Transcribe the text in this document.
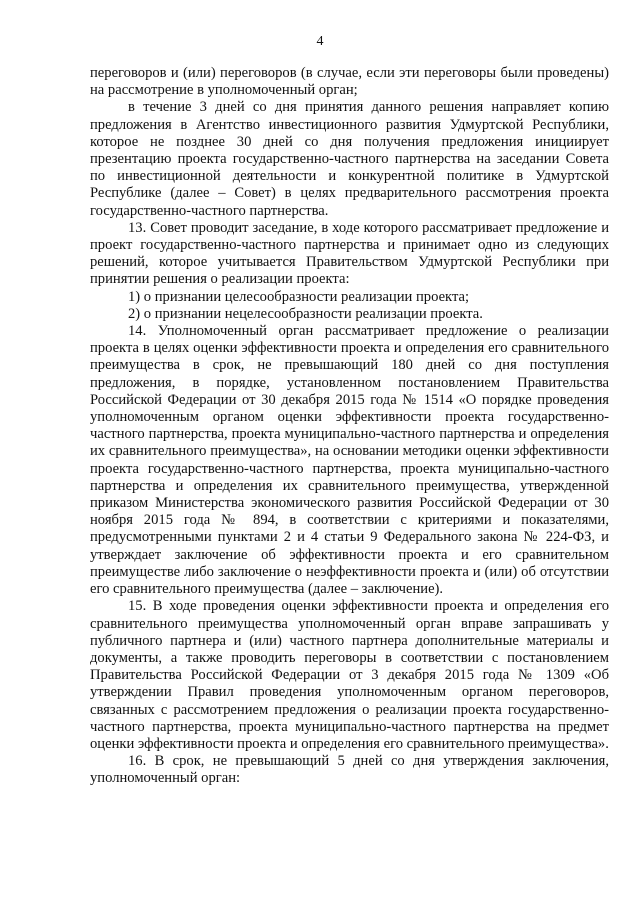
4

переговоров и (или) переговоров (в случае, если эти переговоры были проведены) на рассмотрение в уполномоченный орган;

в течение 3 дней со дня принятия данного решения направляет копию предложения в Агентство инвестиционного развития Удмуртской Республики, которое не позднее 30 дней со дня получения предложения инициирует презентацию проекта государственно-частного партнерства на заседании Совета по инвестиционной деятельности и конкурентной политике в Удмуртской Республике (далее – Совет) в целях предварительного рассмотрения проекта государственно-частного партнерства.

13. Совет проводит заседание, в ходе которого рассматривает предложение и проект государственно-частного партнерства и принимает одно из следующих решений, которое учитывается Правительством Удмуртской Республики при принятии решения о реализации проекта:

1) о признании целесообразности реализации проекта;

2) о признании нецелесообразности реализации проекта.

14. Уполномоченный орган рассматривает предложение о реализации проекта в целях оценки эффективности проекта и определения его сравнительного преимущества в срок, не превышающий 180 дней со дня поступления предложения, в порядке, установленном постановлением Правительства Российской Федерации от 30 декабря 2015 года № 1514 «О порядке проведения уполномоченным органом оценки эффективности проекта государственно-частного партнерства, проекта муниципально-частного партнерства и определения их сравнительного преимущества», на основании методики оценки эффективности проекта государственно-частного партнерства, проекта муниципально-частного партнерства и определения их сравнительного преимущества, утвержденной приказом Министерства экономического развития Российской Федерации от 30 ноября 2015 года № 894, в соответствии с критериями и показателями, предусмотренными пунктами 2 и 4 статьи 9 Федерального закона № 224-ФЗ, и утверждает заключение об эффективности проекта и его сравнительном преимуществе либо заключение о неэффективности проекта и (или) об отсутствии его сравнительного преимущества (далее – заключение).

15. В ходе проведения оценки эффективности проекта и определения его сравнительного преимущества уполномоченный орган вправе запрашивать у публичного партнера и (или) частного партнера дополнительные материалы и документы, а также проводить переговоры в соответствии с постановлением Правительства Российской Федерации от 3 декабря 2015 года № 1309 «Об утверждении Правил проведения уполномоченным органом переговоров, связанных с рассмотрением предложения о реализации проекта государственно-частного партнерства, проекта муниципально-частного партнерства на предмет оценки эффективности проекта и определения его сравнительного преимущества».

16. В срок, не превышающий 5 дней со дня утверждения заключения, уполномоченный орган:
